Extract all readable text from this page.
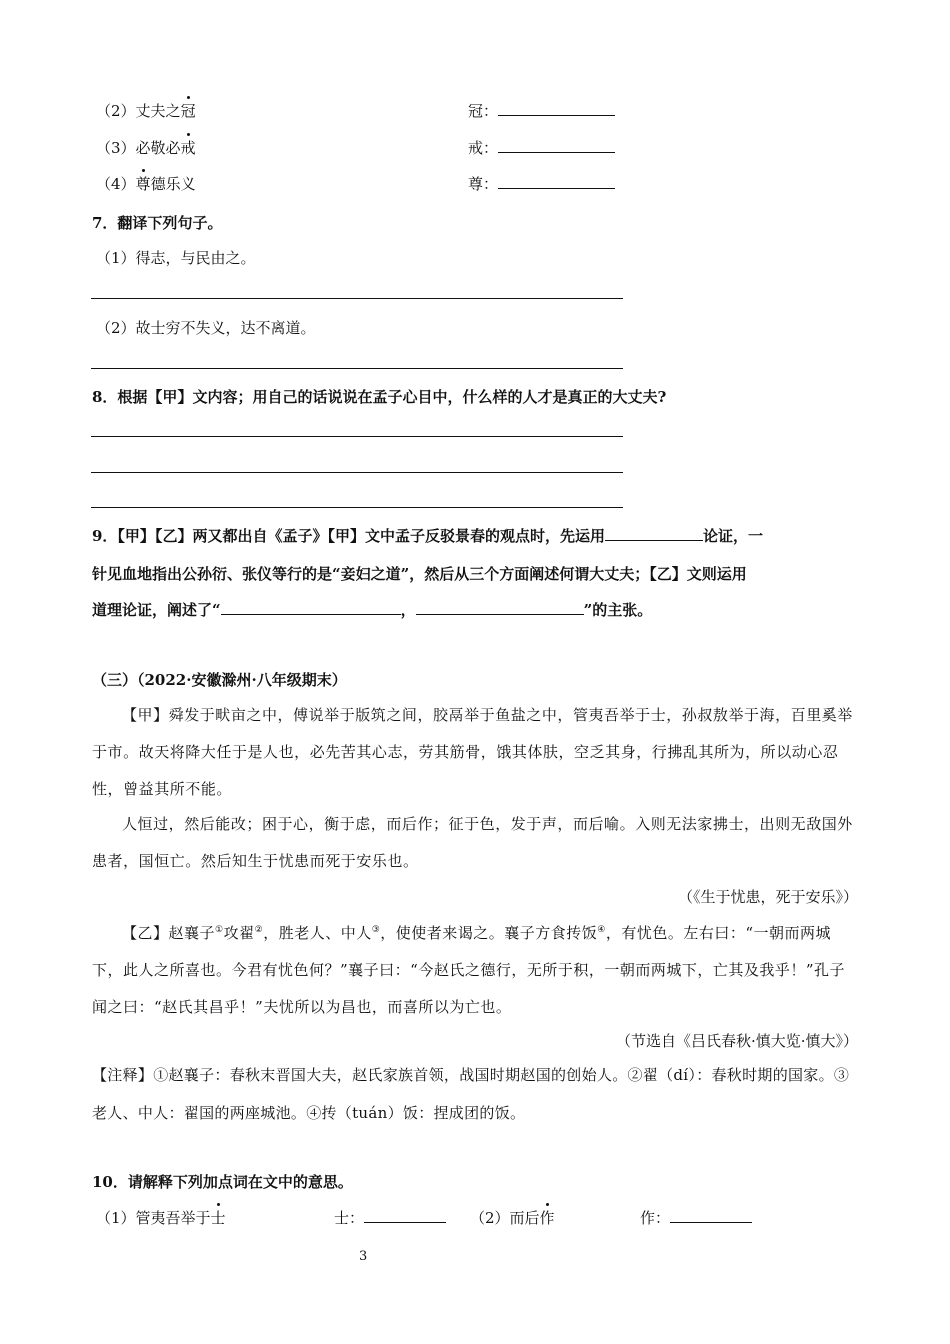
（2）丈夫之冠	冠：
（3）必敬必戒	戒：
（4）尊德乐义	尊：
7．翻译下列句子。
（1）得志，与民由之。
（2）故士穷不失义，达不离道。
8．根据【甲】文内容；用自己的话说说在孟子心目中，什么样的人才是真正的大丈夫?
9．【甲】【乙】两又都出自《孟子》【甲】文中孟子反驳景春的观点时，先运用	论证，一
针见血地指出公孙衍、张仪等行的是“妾妇之道”，然后从三个方面阐述何谓大丈夫；【乙】文则运用
道理论证，阐述了“	，	”的主张。
（三）（2022·安徽滁州·八年级期末）
【甲】舜发于畎亩之中，傅说举于版筑之间，胶鬲举于鱼盐之中，管夷吾举于士，孙叔敖举于海，百里奚举于市。故天将降大任于是人也，必先苦其心志，劳其筋骨，饿其体肤，空乏其身，行拂乱其所为，所以动心忍性，曾益其所不能。
人恒过，然后能改；困于心，衡于虑，而后作；征于色，发于声，而后喻。入则无法家拂士，出则无敌国外患者，国恒亡。然后知生于忧患而死于安乐也。
（《生于忧患，死于安乐》）
【乙】赵襄子①攻翟②，胜老人、中人③，使使者来谒之。襄子方食抟饭④，有忧色。左右曰：“一朝而两城下，此人之所喜也。今君有忧色何？”襄子曰：“今赵氏之德行，无所于积，一朝而两城下，亡其及我乎！”孔子闻之曰：“赵氏其昌乎！”夫忧所以为昌也，而喜所以为亡也。
（节选自《吕氏春秋·慎大览·慎大》）
【注释】①赵襄子：春秋末晋国大夫，赵氏家族首领，战国时期赵国的创始人。②翟（dí）：春秋时期的国家。③老人、中人：翟国的两座城池。④抟（tuán）饭：捏成团的饭。
10．请解释下列加点词在文中的意思。
（1）管夷吾举于士	士：	（2）而后作	作：
3
